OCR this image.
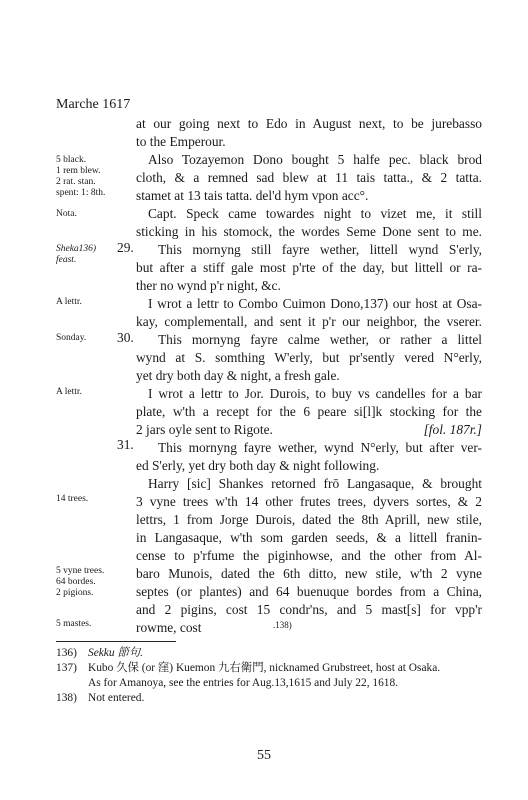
Marche 1617
5 black.
1 rem blew.
2 rat. stan.
spent: 1: 8th.
Nota.
Sheka136)
feast.
A lettr.
Sonday.
A lettr.
14 trees.
5 vyne trees.
64 bordes.
2 pigions.
5 mastes.
29.
30.
31.
at our going next to Edo in August next, to be jurebasso
to the Emperour.
Also Tozayemon Dono bought 5 halfe pec. black brod
cloth, & a remned sad blew at 11 tais tatta., & 2 tatta.
stamet at 13 tais tatta. del'd hym vpon acc°.
Capt. Speck came towardes night to vizet me, it still
sticking in his stomock, the wordes Seme Done sent to me.
This mornyng still fayre wether, littell wynd S'erly,
but after a stiff gale most p'rte of the day, but littell or ra-
ther no wynd p'r night, &c.
I wrot a lettr to Combo Cuimon Dono,137) our host at Osa-
kay, complementall, and sent it p'r our neighbor, the vserer.
This mornyng fayre calme wether, or rather a littel
wynd at S. somthing W'erly, but pr'sently vered N°erly,
yet dry both day & night, a fresh gale.
I wrot a lettr to Jor. Durois, to buy vs candelles for a bar
plate, w'th a recept for the 6 peare si[l]k stocking for the
2 jars oyle sent to Rigote.	[fol. 187r.]
This mornyng fayre wether, wynd N°erly, but after ver-
ed S'erly, yet dry both day & night following.
Harry [sic] Shankes retorned frō Langasaque, & brought
3 vyne trees w'th 14 other frutes trees, dyvers sortes, & 2
lettrs, 1 from Jorge Durois, dated the 8th Aprill, new stile,
in Langasaque, w'th som garden seeds, & a littell franin-
cense to p'rfume the piginhowse, and the other from Al-
baro Munois, dated the 6th ditto, new stile, w'th 2 vyne
septes (or plantes) and 64 buenuque bordes from a China,
and 2 pigins, cost 15 condr'ns, and 5 mast[s] for vpp'r
rowme, cost	.138)
136) Sekku 節句.
137) Kubo 久保 (or 窪) Kuemon 九右衛門, nicknamed Grubstreet, host at Osaka.
As for Amanoya, see the entries for Aug.13,1615 and July 22, 1618.
138) Not entered.
55
